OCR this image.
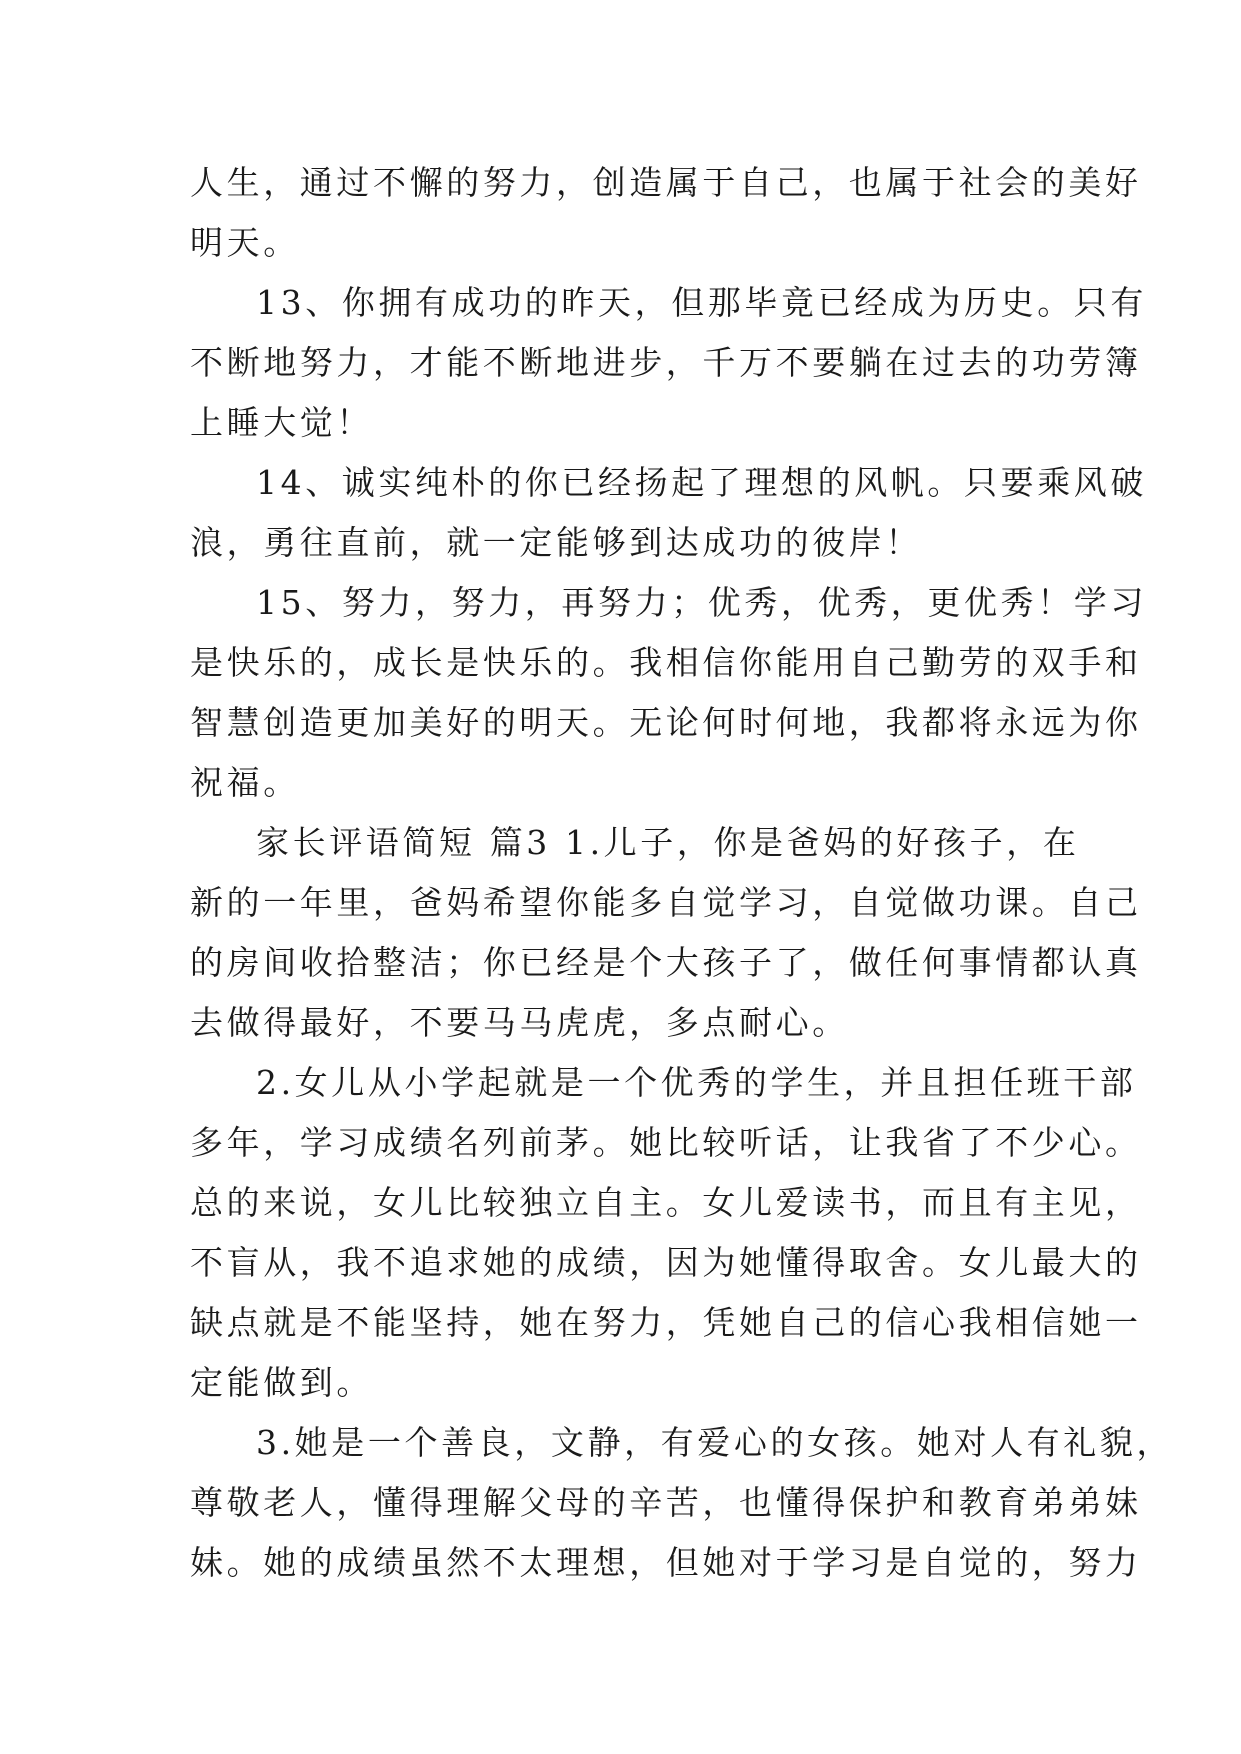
人生，通过不懈的努力，创造属于自己，也属于社会的美好
明天。
13、你拥有成功的昨天，但那毕竟已经成为历史。只有
不断地努力，才能不断地进步，千万不要躺在过去的功劳簿
上睡大觉！
14、诚实纯朴的你已经扬起了理想的风帆。只要乘风破
浪，勇往直前，就一定能够到达成功的彼岸！
15、努力，努力，再努力；优秀，优秀，更优秀！学习
是快乐的，成长是快乐的。我相信你能用自己勤劳的双手和
智慧创造更加美好的明天。无论何时何地，我都将永远为你
祝福。
家长评语简短 篇3 1.儿子，你是爸妈的好孩子，在
新的一年里，爸妈希望你能多自觉学习，自觉做功课。自己
的房间收拾整洁；你已经是个大孩子了，做任何事情都认真
去做得最好，不要马马虎虎，多点耐心。
2.女儿从小学起就是一个优秀的学生，并且担任班干部
多年，学习成绩名列前茅。她比较听话，让我省了不少心。
总的来说，女儿比较独立自主。女儿爱读书，而且有主见，
不盲从，我不追求她的成绩，因为她懂得取舍。女儿最大的
缺点就是不能坚持，她在努力，凭她自己的信心我相信她一
定能做到。
3.她是一个善良，文静，有爱心的女孩。她对人有礼貌，
尊敬老人，懂得理解父母的辛苦，也懂得保护和教育弟弟妹
妹。她的成绩虽然不太理想，但她对于学习是自觉的，努力
